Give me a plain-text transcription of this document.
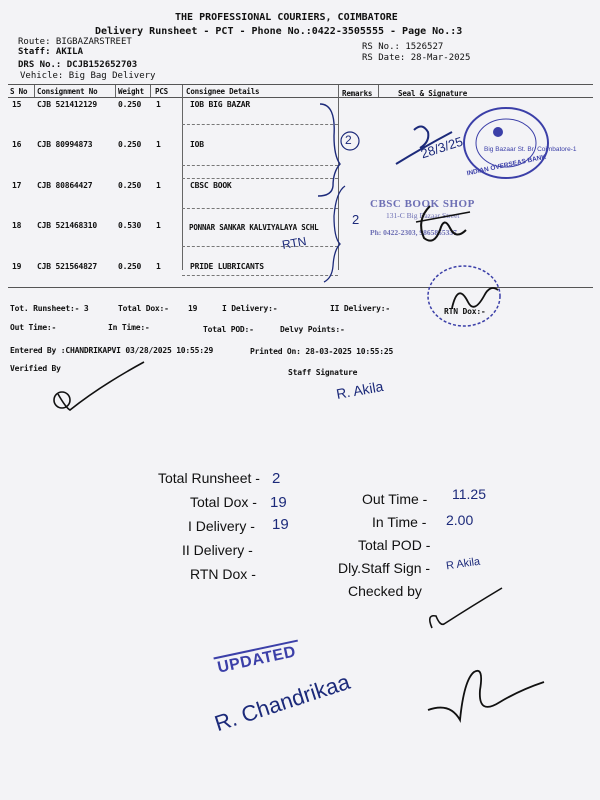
THE PROFESSIONAL COURIERS, COIMBATORE
Delivery Runsheet - PCT - Phone No.:0422-3505555 - Page No.:3
Route: BIGBAZARSTREET
Staff: AKILA
DRS No.: DCJB152652703
Vehicle: Big Bag Delivery
RS No.: 1526527
RS Date: 28-Mar-2025
S No Consignment No	Weight PCS Consignee Details	Remarks	Seal & Signature
15 CJB 521412129	0.250 1	IOB BIG BAZAR
16 CJB 80994873	0.250 1	IOB
17 CJB 80864427	0.250 1	CBSC BOOK
18 CJB 521468310	0.530 1	PONNAR SANKAR KALVIYALAYA SCHL
19 CJB 521564827	0.250 1	PRIDE LUBRICANTS
Tot. Runsheet:- 3	Total Dox:- 19	I Delivery:-	II Delivery:-	RTN Dox:-
Out Time:-	In Time:-	Total POD:-	Delvy Points:-
Entered By :CHANDRIKAPVI 03/28/2025 10:55:29	Printed On: 28-03-2025 10:55:25
Verified By	Staff Signature
2
2
RTN
Big Bazaar St. Br. Coimbatore-1
INDIAN OVERSEAS BANK
28/3/25
CBSC BOOK SHOP
131-C Big Bazaar Street
Ph: 0422-2303, 9865855337
R. Akila
Total Runsheet - 2
Total Dox - 19
I Delivery - 19
II Delivery -
RTN Dox -
Out Time - 11.25
In Time - 2.00
Total POD -
Dly.Staff Sign - R Akila
Checked by
UPDATED
R. Chandrikaa
